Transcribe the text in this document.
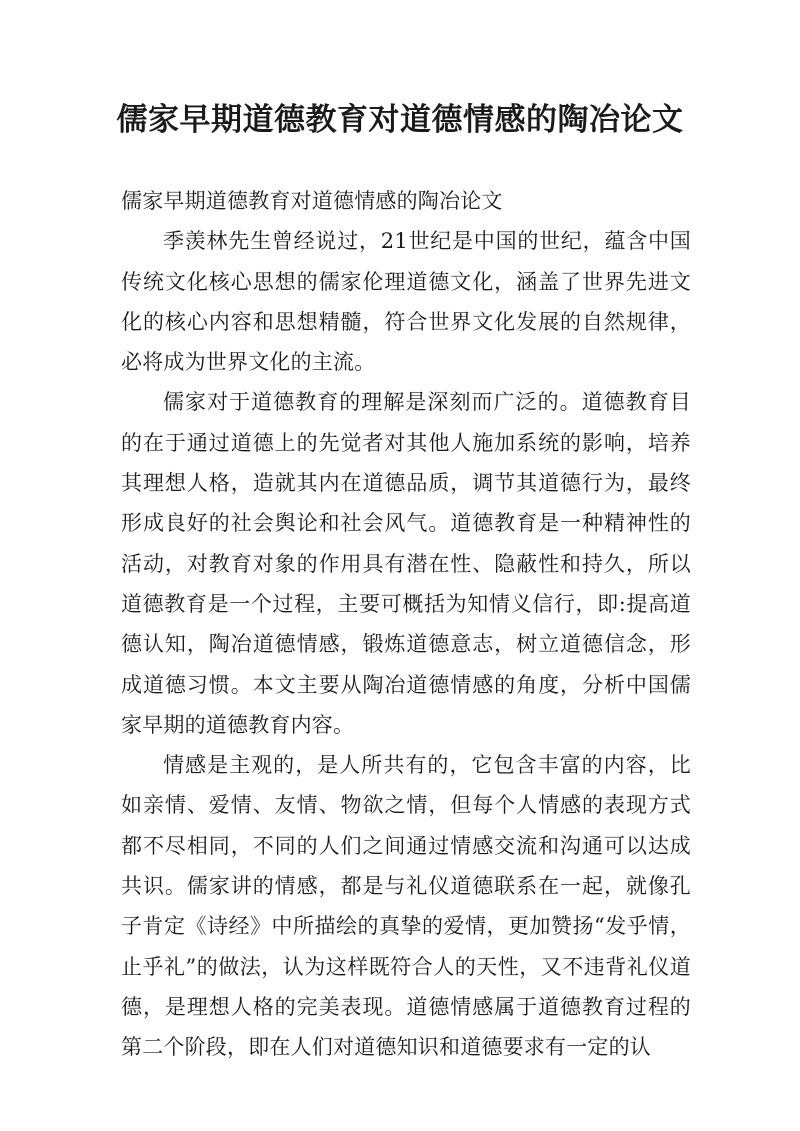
儒家早期道德教育对道德情感的陶冶论文

儒家早期道德教育对道德情感的陶冶论文

季羡林先生曾经说过，21世纪是中国的世纪，蕴含中国传统文化核心思想的儒家伦理道德文化，涵盖了世界先进文化的核心内容和思想精髓，符合世界文化发展的自然规律，必将成为世界文化的主流。

儒家对于道德教育的理解是深刻而广泛的。道德教育目的在于通过道德上的先觉者对其他人施加系统的影响，培养其理想人格，造就其内在道德品质，调节其道德行为，最终形成良好的社会舆论和社会风气。道德教育是一种精神性的活动，对教育对象的作用具有潜在性、隐蔽性和持久，所以道德教育是一个过程，主要可概括为知情义信行，即:提高道德认知，陶冶道德情感，锻炼道德意志，树立道德信念，形成道德习惯。本文主要从陶冶道德情感的角度，分析中国儒家早期的道德教育内容。

情感是主观的，是人所共有的，它包含丰富的内容，比如亲情、爱情、友情、物欲之情，但每个人情感的表现方式都不尽相同，不同的人们之间通过情感交流和沟通可以达成共识。儒家讲的情感，都是与礼仪道德联系在一起，就像孔子肯定《诗经》中所描绘的真挚的爱情，更加赞扬“发乎情，止乎礼”的做法，认为这样既符合人的天性，又不违背礼仪道德，是理想人格的完美表现。道德情感属于道德教育过程的第二个阶段，即在人们对道德知识和道德要求有一定的认
